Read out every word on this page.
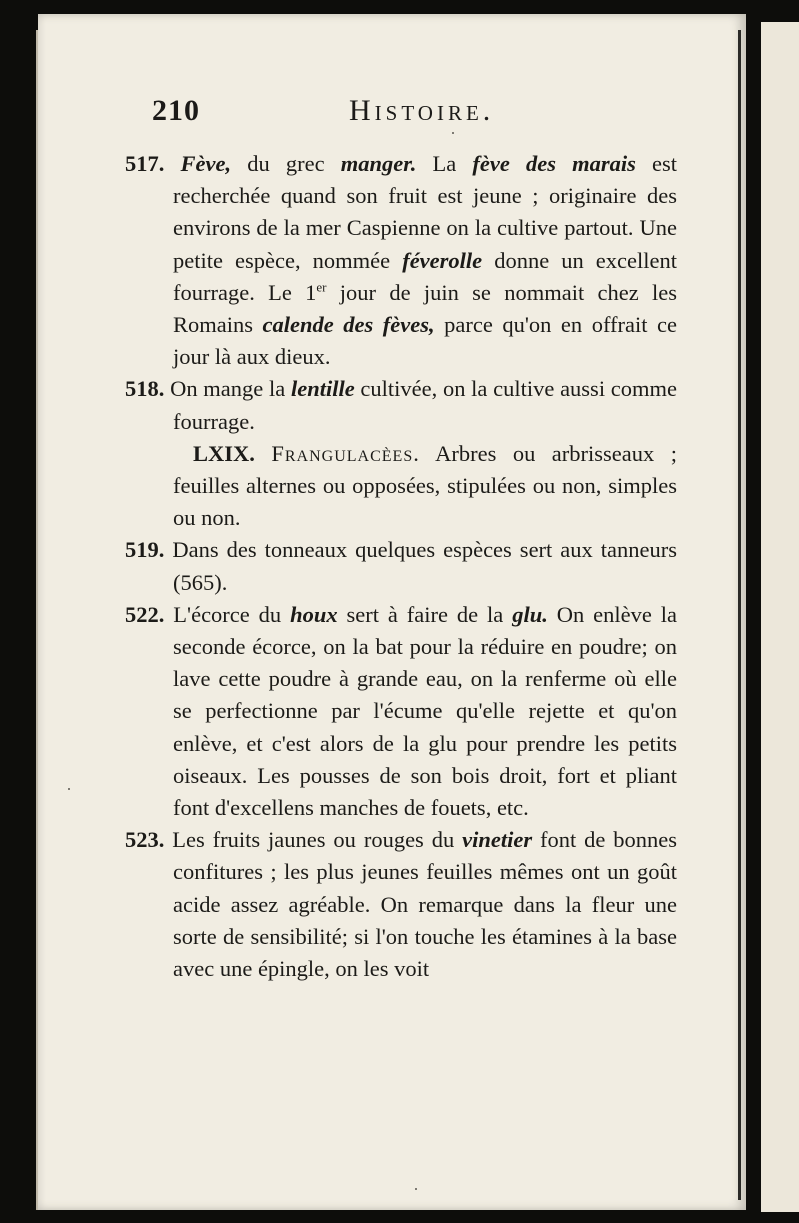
210	Histoire.

517. Fève, du grec manger. La fève des marais est recherchée quand son fruit est jeune ; originaire des environs de la mer Caspienne on la cultive partout. Une petite espèce, nommée féverolle donne un excellent fourrage. Le 1er jour de juin se nommait chez les Romains calende des fèves, parce qu'on en offrait ce jour là aux dieux.

518. On mange la lentille cultivée, on la cultive aussi comme fourrage.

LXIX. Frangulacèes. Arbres ou arbrisseaux ; feuilles alternes ou opposées, stipulées ou non, simples ou non.

519. Dans des tonneaux quelques espèces sert aux tanneurs (565).

522. L'écorce du houx sert à faire de la glu. On enlève la seconde écorce, on la bat pour la réduire en poudre; on lave cette poudre à grande eau, on la renferme où elle se perfectionne par l'écume qu'elle rejette et qu'on enlève, et c'est alors de la glu pour prendre les petits oiseaux. Les pousses de son bois droit, fort et pliant font d'excellens manches de fouets, etc.

523. Les fruits jaunes ou rouges du vinetier font de bonnes confitures ; les plus jeunes feuilles mêmes ont un goût acide assez agréable. On remarque dans la fleur une sorte de sensibilité; si l'on touche les étamines à la base avec une épingle, on les voit
